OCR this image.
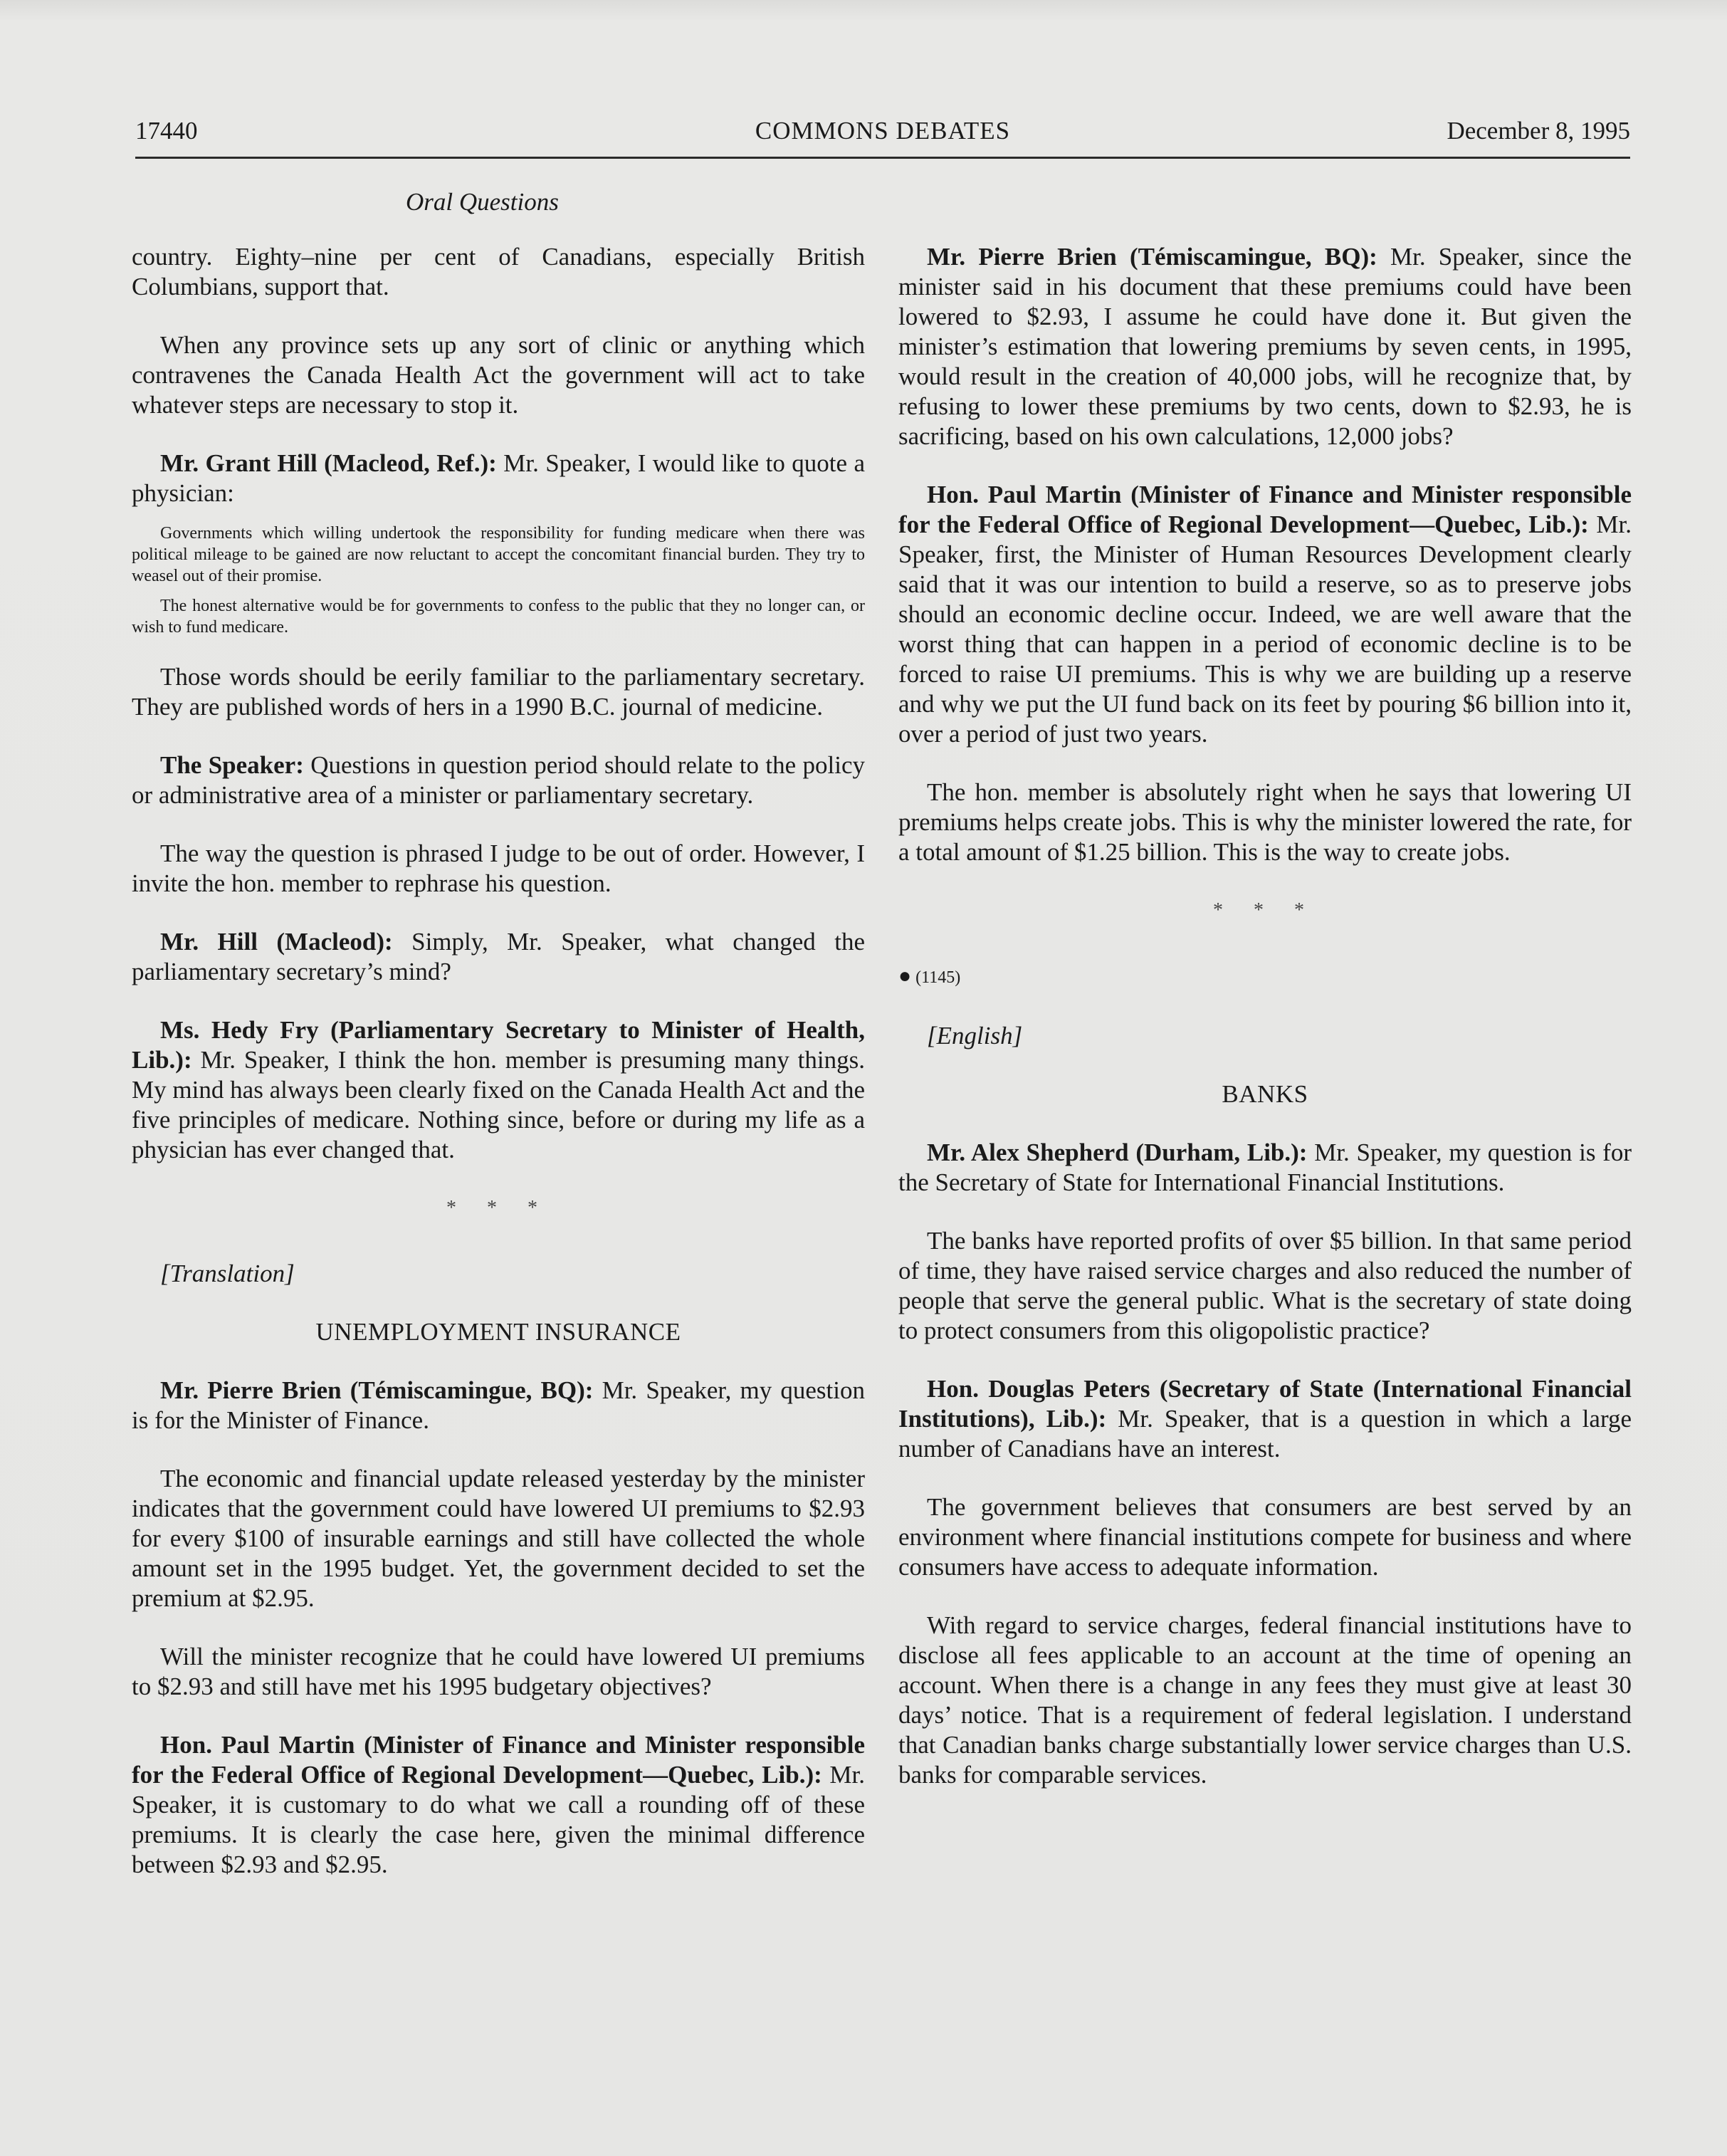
17440	COMMONS DEBATES	December 8, 1995
Oral Questions

country. Eighty–nine per cent of Canadians, especially British Columbians, support that.

When any province sets up any sort of clinic or anything which contravenes the Canada Health Act the government will act to take whatever steps are necessary to stop it.

Mr. Grant Hill (Macleod, Ref.): Mr. Speaker, I would like to quote a physician:

Governments which willing undertook the responsibility for funding medicare when there was political mileage to be gained are now reluctant to accept the concomitant financial burden. They try to weasel out of their promise.

The honest alternative would be for governments to confess to the public that they no longer can, or wish to fund medicare.

Those words should be eerily familiar to the parliamentary secretary. They are published words of hers in a 1990 B.C. journal of medicine.

The Speaker: Questions in question period should relate to the policy or administrative area of a minister or parliamentary secretary.

The way the question is phrased I judge to be out of order. However, I invite the hon. member to rephrase his question.

Mr. Hill (Macleod): Simply, Mr. Speaker, what changed the parliamentary secretary’s mind?

Ms. Hedy Fry (Parliamentary Secretary to Minister of Health, Lib.): Mr. Speaker, I think the hon. member is presuming many things. My mind has always been clearly fixed on the Canada Health Act and the five principles of medicare. Nothing since, before or during my life as a physician has ever changed that.

* * *

[Translation]

UNEMPLOYMENT INSURANCE

Mr. Pierre Brien (Témiscamingue, BQ): Mr. Speaker, my question is for the Minister of Finance.

The economic and financial update released yesterday by the minister indicates that the government could have lowered UI premiums to $2.93 for every $100 of insurable earnings and still have collected the whole amount set in the 1995 budget. Yet, the government decided to set the premium at $2.95.

Will the minister recognize that he could have lowered UI premiums to $2.93 and still have met his 1995 budgetary objectives?

Hon. Paul Martin (Minister of Finance and Minister responsible for the Federal Office of Regional Development—Quebec, Lib.): Mr. Speaker, it is customary to do what we call a rounding off of these premiums. It is clearly the case here, given the minimal difference between $2.93 and $2.95.

Mr. Pierre Brien (Témiscamingue, BQ): Mr. Speaker, since the minister said in his document that these premiums could have been lowered to $2.93, I assume he could have done it. But given the minister’s estimation that lowering premiums by seven cents, in 1995, would result in the creation of 40,000 jobs, will he recognize that, by refusing to lower these premiums by two cents, down to $2.93, he is sacrificing, based on his own calculations, 12,000 jobs?

Hon. Paul Martin (Minister of Finance and Minister responsible for the Federal Office of Regional Development—Quebec, Lib.): Mr. Speaker, first, the Minister of Human Resources Development clearly said that it was our intention to build a reserve, so as to preserve jobs should an economic decline occur. Indeed, we are well aware that the worst thing that can happen in a period of economic decline is to be forced to raise UI premiums. This is why we are building up a reserve and why we put the UI fund back on its feet by pouring $6 billion into it, over a period of just two years.

The hon. member is absolutely right when he says that lowering UI premiums helps create jobs. This is why the minister lowered the rate, for a total amount of $1.25 billion. This is the way to create jobs.

* * *
● (1145)

[English]

BANKS

Mr. Alex Shepherd (Durham, Lib.): Mr. Speaker, my question is for the Secretary of State for International Financial Institutions.

The banks have reported profits of over $5 billion. In that same period of time, they have raised service charges and also reduced the number of people that serve the general public. What is the secretary of state doing to protect consumers from this oligopolistic practice?

Hon. Douglas Peters (Secretary of State (International Financial Institutions), Lib.): Mr. Speaker, that is a question in which a large number of Canadians have an interest.

The government believes that consumers are best served by an environment where financial institutions compete for business and where consumers have access to adequate information.

With regard to service charges, federal financial institutions have to disclose all fees applicable to an account at the time of opening an account. When there is a change in any fees they must give at least 30 days’ notice. That is a requirement of federal legislation. I understand that Canadian banks charge substantially lower service charges than U.S. banks for comparable services.
